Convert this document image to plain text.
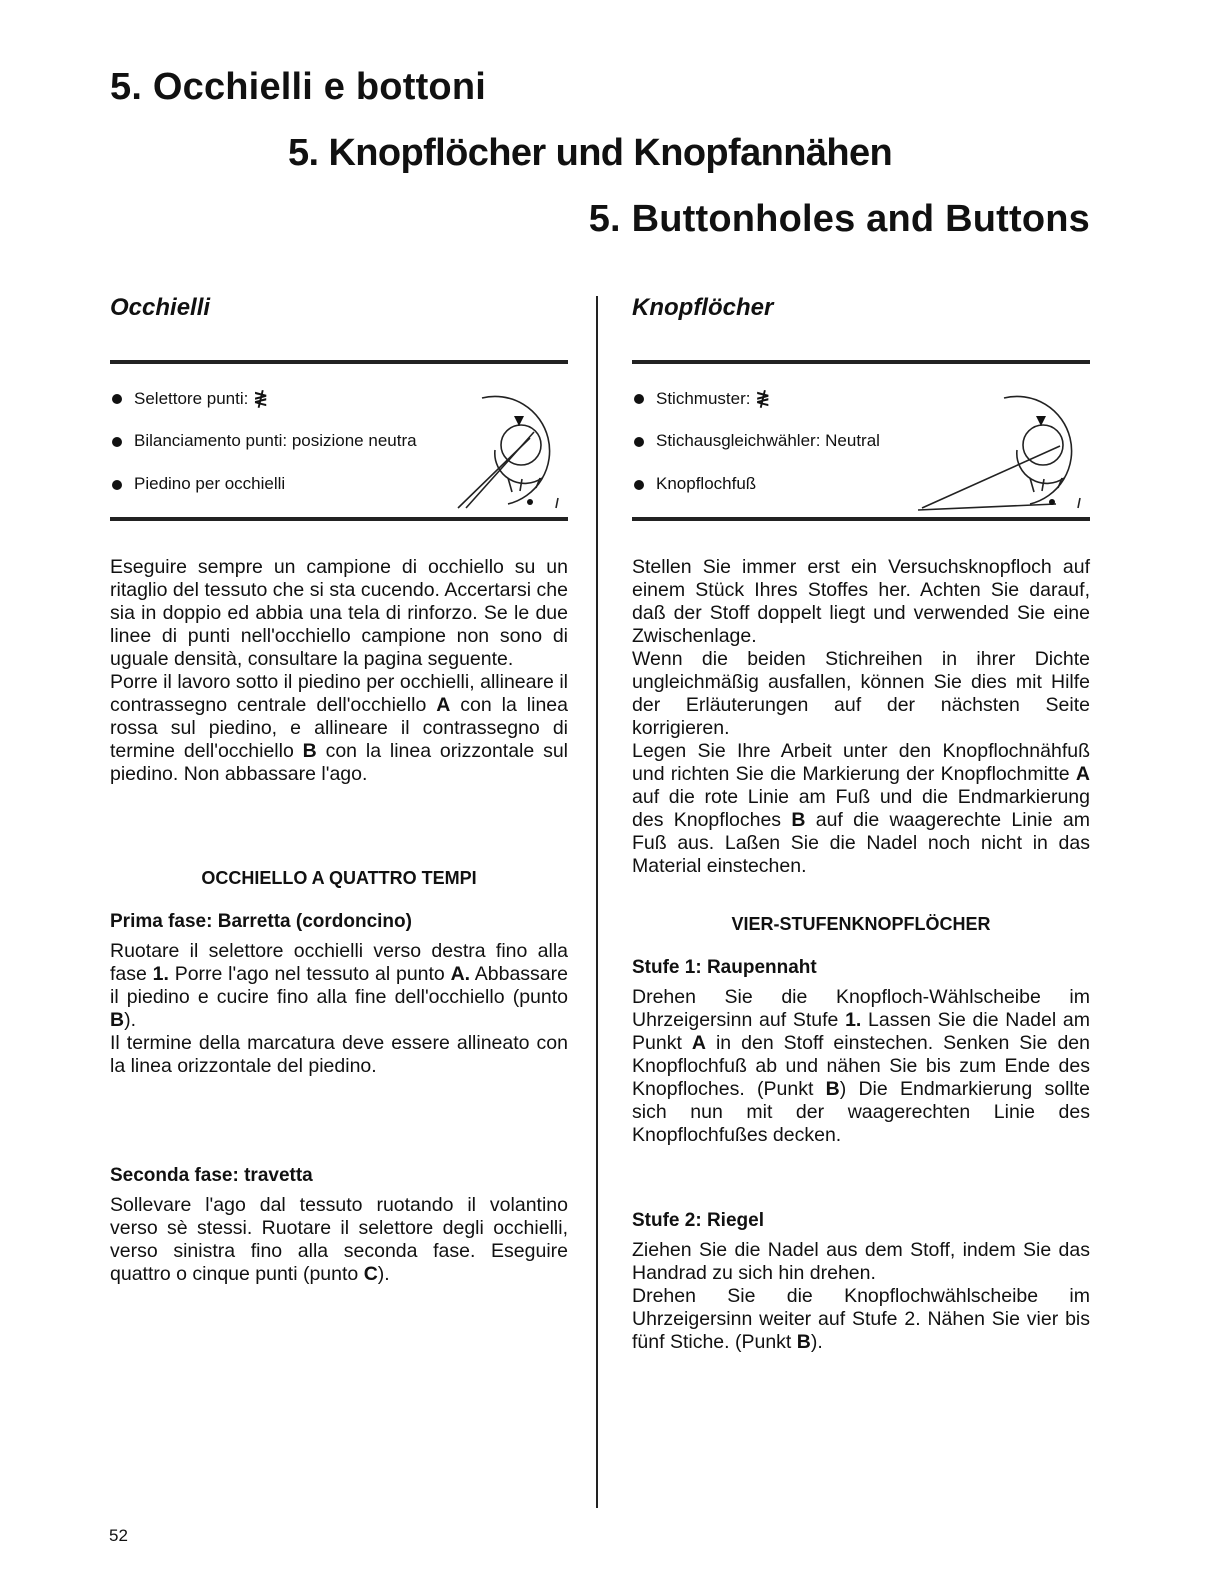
5. Occhielli e bottoni
5. Knopflöcher und Knopfannähen
5. Buttonholes and Buttons
Occhielli
Selettore punti: ≹
Bilanciamento punti: posizione neutra
Piedino per occhielli

Eseguire sempre un campione di occhiello su un ritaglio del tessuto che si sta cucendo. Accertarsi che sia in doppio ed abbia una tela di rinforzo. Se le due linee di punti nell'occhiello campione non sono di uguale densità, consultare la pagina seguente.
Porre il lavoro sotto il piedino per occhielli, allineare il contrassegno centrale dell'occhiello A con la linea rossa sul piedino, e allineare il contrassegno di termine dell'occhiello B con la linea orizzontale sul piedino. Non abbassare l'ago.

OCCHIELLO A QUATTRO TEMPI
Prima fase: Barretta (cordoncino)

Ruotare il selettore occhielli verso destra fino alla fase 1. Porre l'ago nel tessuto al punto A. Abbassare il piedino e cucire fino alla fine dell'occhiello (punto B).
Il termine della marcatura deve essere allineato con la linea orizzontale del piedino.

Seconda fase: travetta

Sollevare l'ago dal tessuto ruotando il volantino verso sè stessi. Ruotare il selettore degli occhielli, verso sinistra fino alla seconda fase. Eseguire quattro o cinque punti (punto C).

Knopflöcher
Stichmuster: ≹
Stichausgleichwähler: Neutral
Knopflochfuß

Stellen Sie immer erst ein Versuchsknopfloch auf einem Stück Ihres Stoffes her. Achten Sie darauf, daß der Stoff doppelt liegt und verwended Sie eine Zwischenlage.
Wenn die beiden Stichreihen in ihrer Dichte ungleichmäßig ausfallen, können Sie dies mit Hilfe der Erläuterungen auf der nächsten Seite korrigieren.
Legen Sie Ihre Arbeit unter den Knopflochnähfuß und richten Sie die Markierung der Knopflochmitte A auf die rote Linie am Fuß und die Endmarkierung des Knopfloches B auf die waagerechte Linie am Fuß aus. Laßen Sie die Nadel noch nicht in das Material einstechen.

VIER-STUFENKNOPFLÖCHER
Stufe 1: Raupennaht

Drehen Sie die Knopfloch-Wählscheibe im Uhrzeigersinn auf Stufe 1. Lassen Sie die Nadel am Punkt A in den Stoff einstechen. Senken Sie den Knopflochfuß ab und nähen Sie bis zum Ende des Knopfloches. (Punkt B) Die Endmarkierung sollte sich nun mit der waagerechten Linie des Knopflochfußes decken.

Stufe 2: Riegel

Ziehen Sie die Nadel aus dem Stoff, indem Sie das Handrad zu sich hin drehen.
Drehen Sie die Knopflochwählscheibe im Uhrzeigersinn weiter auf Stufe 2. Nähen Sie vier bis fünf Stiche. (Punkt B).

52
